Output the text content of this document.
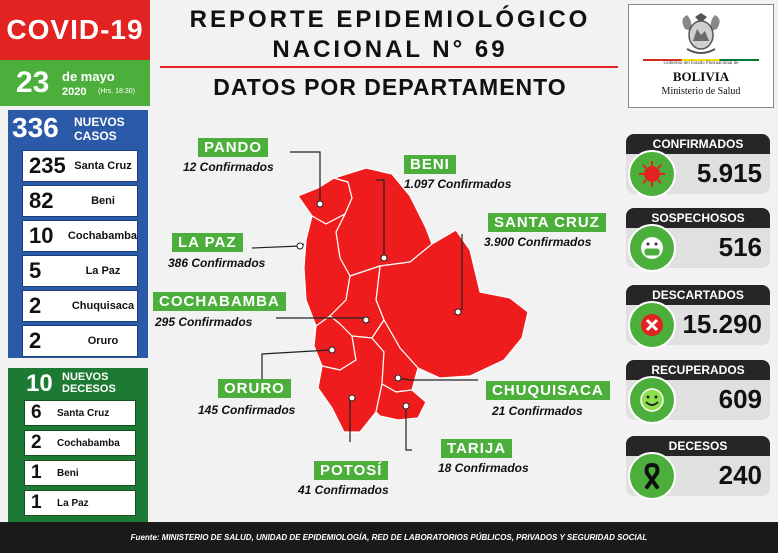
COVID-19
23 de mayo
2020 (Hrs. 18:30)
REPORTE EPIDEMIOLÓGICO
NACIONAL N° 69
DATOS POR DEPARTAMENTO
Gobierno del Estado Plurinacional de
BOLIVIA
Ministerio de Salud
336 NUEVOS
CASOS
235 Santa Cruz
82	Beni
10	Cochabamba
5	La Paz
2	Chuquisaca
2	Oruro
10 NUEVOS
DECESOS
6	Santa Cruz
2	Cochabamba
1	Beni
1	La Paz
PANDO
12 Confirmados	BENI
1.097 Confirmados
SANTA CRUZ
3.900 Confirmados
LA PAZ
386 Confirmados
COCHABAMBA
295 Confirmados
ORURO
145 Confirmados
CHUQUISACA
21 Confirmados
TARIJA
18 Confirmados
POTOSÍ
41 Confirmados
CONFIRMADOS
5.915
SOSPECHOSOS
516
DESCARTADOS
15.290
RECUPERADOS
609
DECESOS
240
Fuente: MINISTERIO DE SALUD, UNIDAD DE EPIDEMIOLOGÍA, RED DE LABORATORIOS PÚBLICOS, PRIVADOS Y SEGURIDAD SOCIAL
